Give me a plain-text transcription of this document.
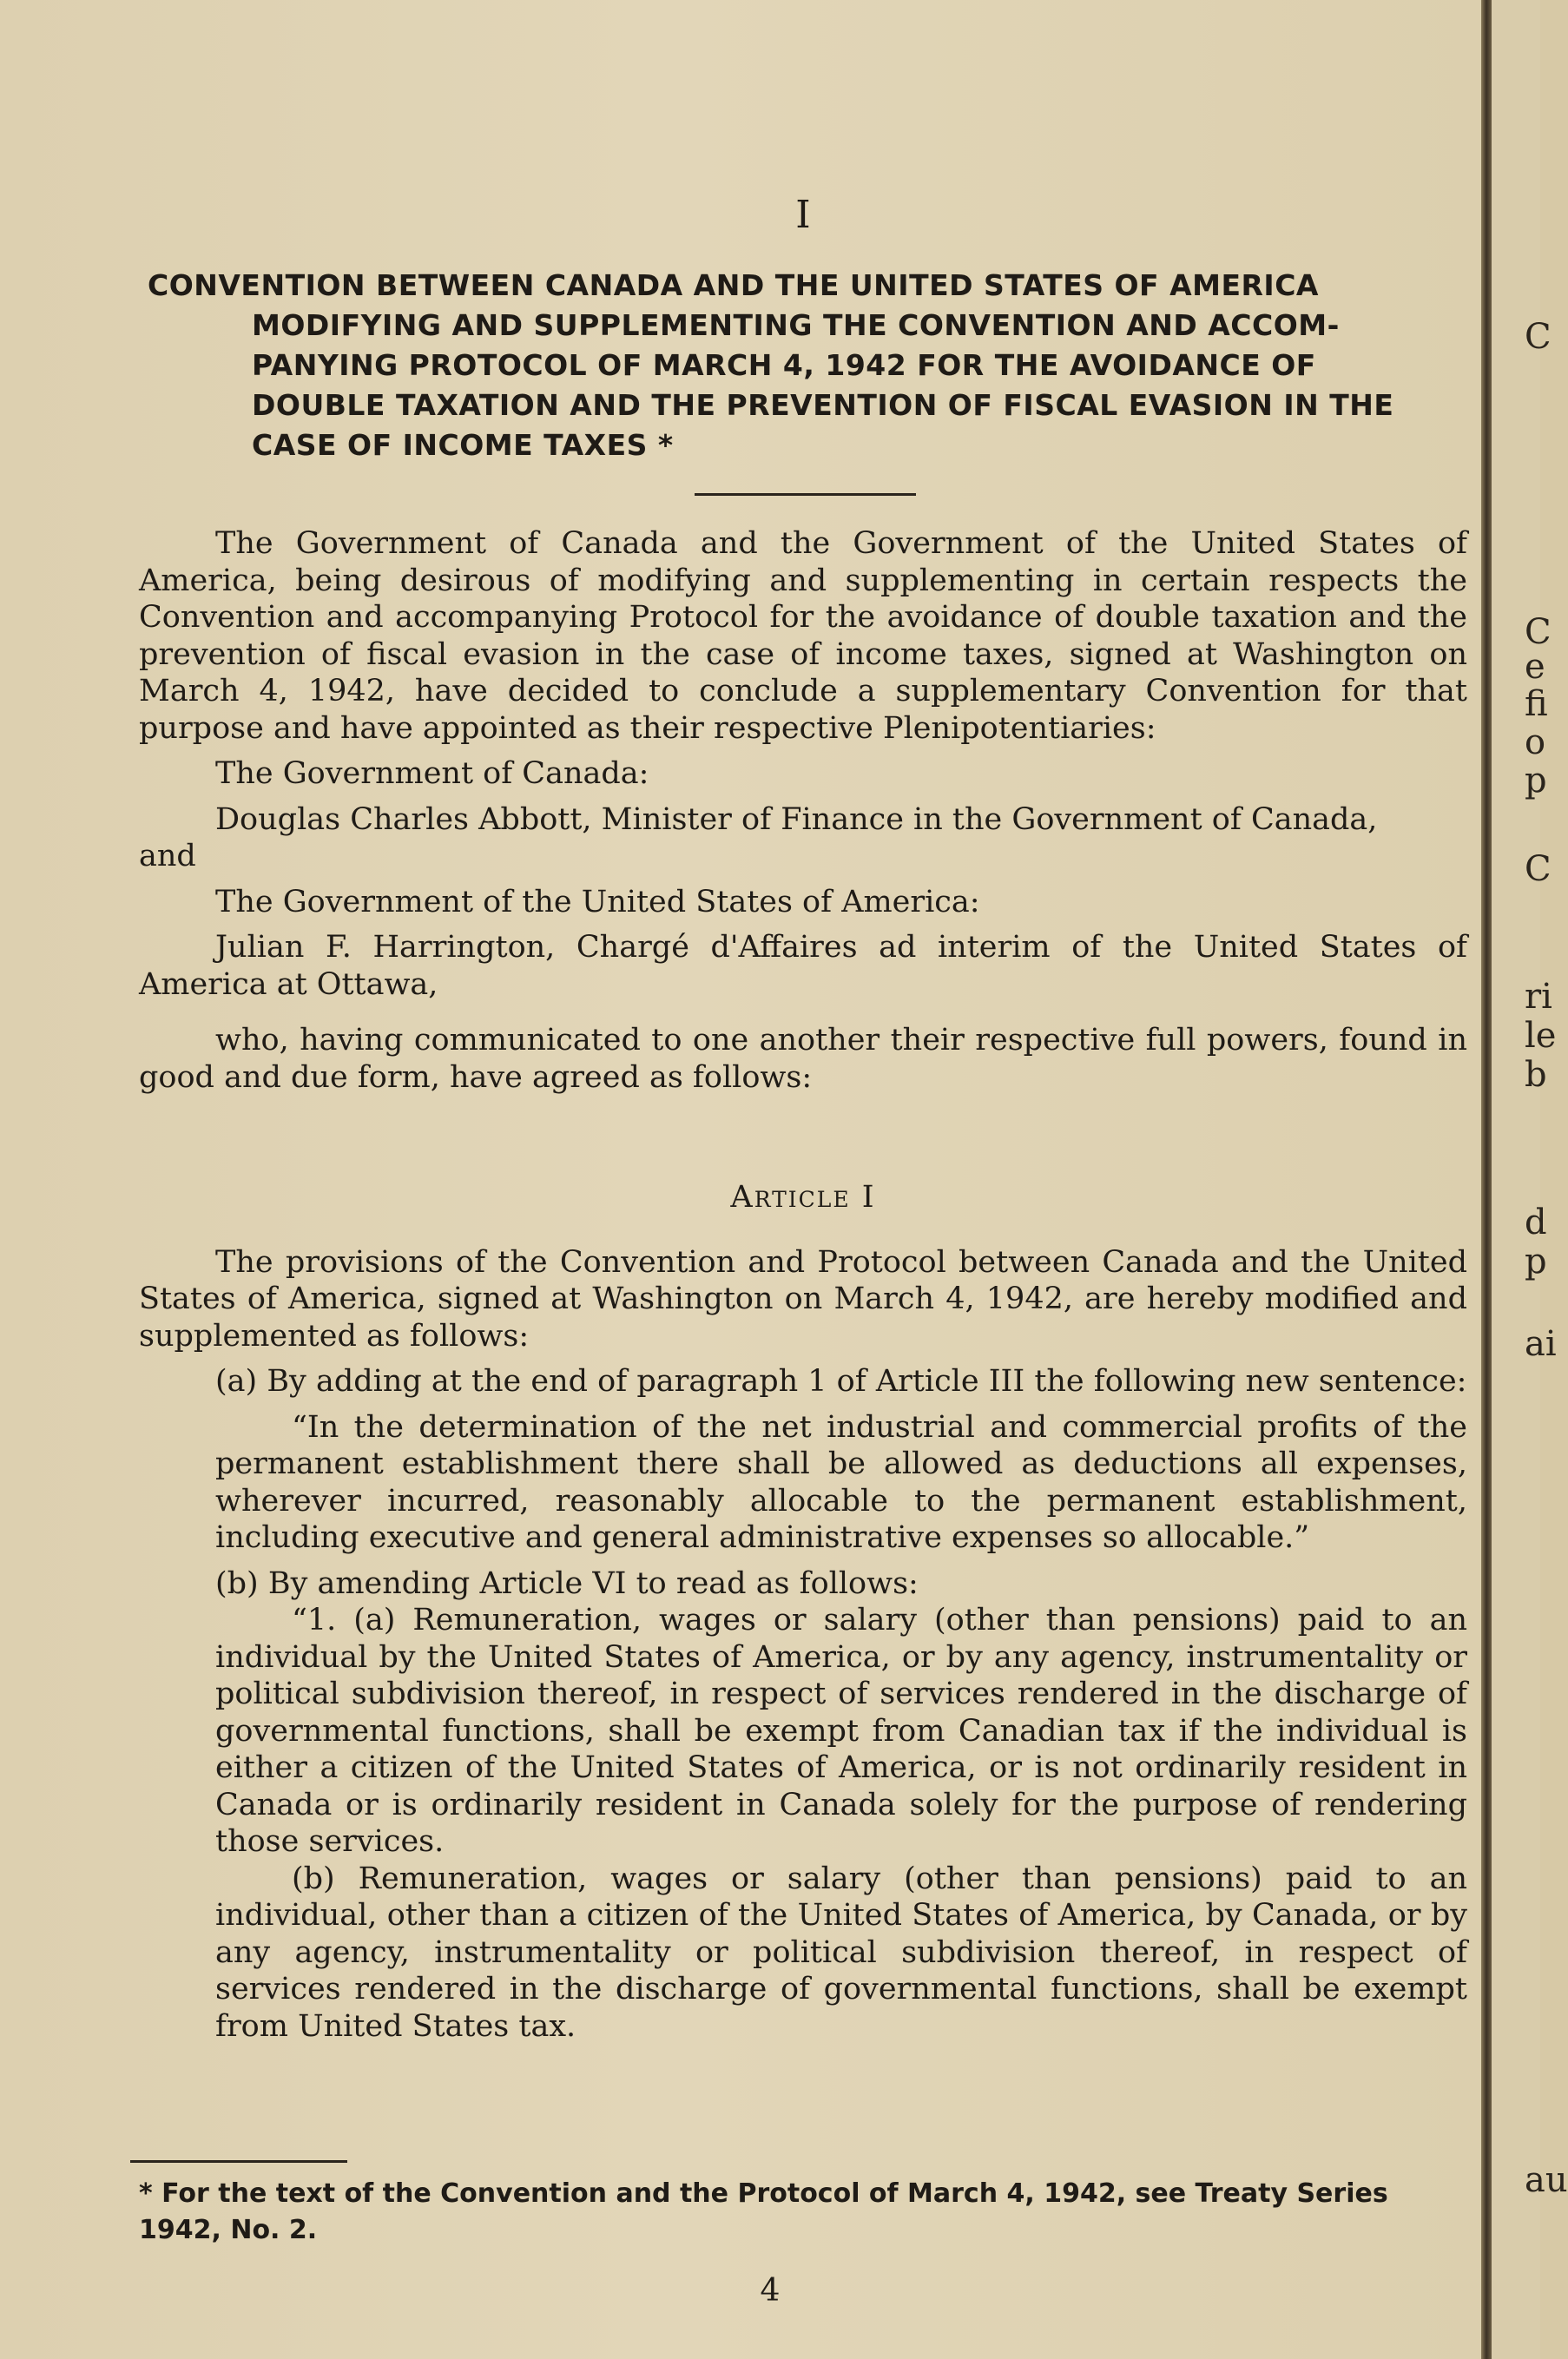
C
C
e
fi
o
p
C
ri
le
b
d
p
ai
au
I
CONVENTION BETWEEN CANADA AND THE UNITED STATES OF AMERICA
MODIFYING AND SUPPLEMENTING THE CONVENTION AND ACCOM-
PANYING PROTOCOL OF MARCH 4, 1942 FOR THE AVOIDANCE OF
DOUBLE TAXATION AND THE PREVENTION OF FISCAL EVASION IN THE
CASE OF INCOME TAXES *

The Government of Canada and the Government of the United States of America, being desirous of modifying and supplementing in certain respects the Convention and accompanying Protocol for the avoidance of double taxation and the prevention of fiscal evasion in the case of income taxes, signed at Washington on March 4, 1942, have decided to conclude a supplementary Convention for that purpose and have appointed as their respective Plenipotentiaries:

The Government of Canada:

Douglas Charles Abbott, Minister of Finance in the Government of Canada,

and

The Government of the United States of America:

Julian F. Harrington, Chargé d'Affaires ad interim of the United States of America at Ottawa,

who, having communicated to one another their respective full powers, found in good and due form, have agreed as follows:

Article I

The provisions of the Convention and Protocol between Canada and the United States of America, signed at Washington on March 4, 1942, are hereby modified and supplemented as follows:

(a) By adding at the end of paragraph 1 of Article III the following new sentence:

“In the determination of the net industrial and commercial profits of the permanent establishment there shall be allowed as deductions all expenses, wherever incurred, reasonably allocable to the permanent establishment, including executive and general administrative expenses so allocable.”

(b) By amending Article VI to read as follows:

“1. (a) Remuneration, wages or salary (other than pensions) paid to an individual by the United States of America, or by any agency, instrumentality or political subdivision thereof, in respect of services rendered in the discharge of governmental functions, shall be exempt from Canadian tax if the individual is either a citizen of the United States of America, or is not ordinarily resident in Canada or is ordinarily resident in Canada solely for the purpose of rendering those services.

(b) Remuneration, wages or salary (other than pensions) paid to an individual, other than a citizen of the United States of America, by Canada, or by any agency, instrumentality or political subdivision thereof, in respect of services rendered in the discharge of governmental functions, shall be exempt from United States tax.

* For the text of the Convention and the Protocol of March 4, 1942, see Treaty Series 1942, No. 2.
4
